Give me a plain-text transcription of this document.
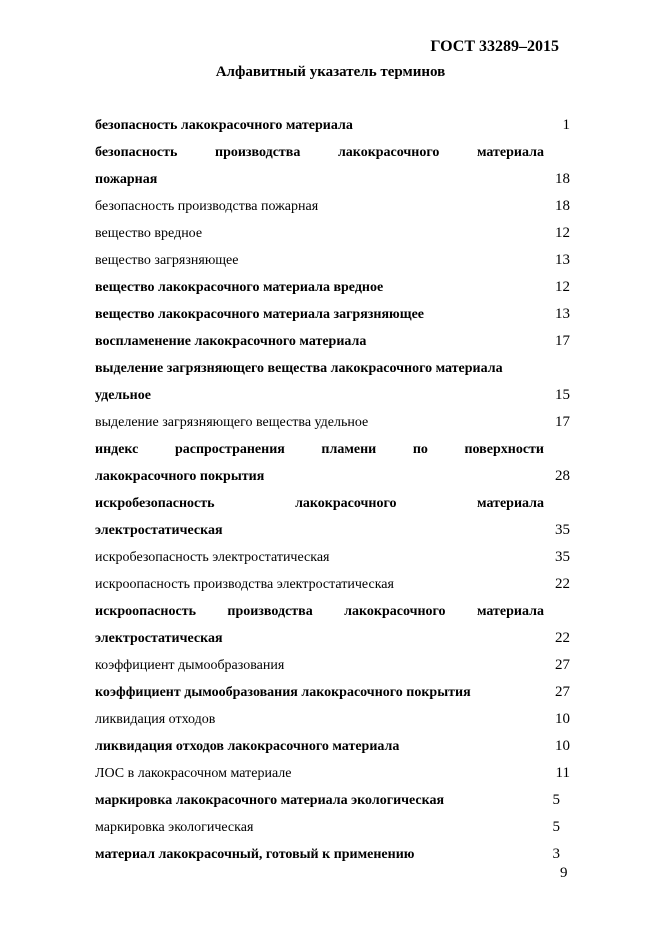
ГОСТ 33289–2015
Алфавитный указатель терминов
безопасность лакокрасочного материала	1
безопасность	производства	лакокрасочного	материала
пожарная	18
безопасность производства пожарная	18
вещество вредное	12
вещество загрязняющее	13
вещество лакокрасочного материала вредное	12
вещество лакокрасочного материала загрязняющее	13
воспламенение лакокрасочного материала	17
выделение загрязняющего вещества лакокрасочного материала
удельное	15
выделение загрязняющего вещества удельное	17
индекс	распространения	пламени	по	поверхности
лакокрасочного покрытия	28
искробезопасность	лакокрасочного	материала
электростатическая	35
искробезопасность электростатическая	35
искроопасность производства электростатическая	22
искроопасность производства лакокрасочного материала
электростатическая	22
коэффициент дымообразования	27
коэффициент дымообразования лакокрасочного покрытия	27
ликвидация отходов	10
ликвидация отходов лакокрасочного материала	10
ЛОС в лакокрасочном материале	11
маркировка лакокрасочного материала экологическая	5
маркировка экологическая	5
материал лакокрасочный, готовый к применению	3
9
